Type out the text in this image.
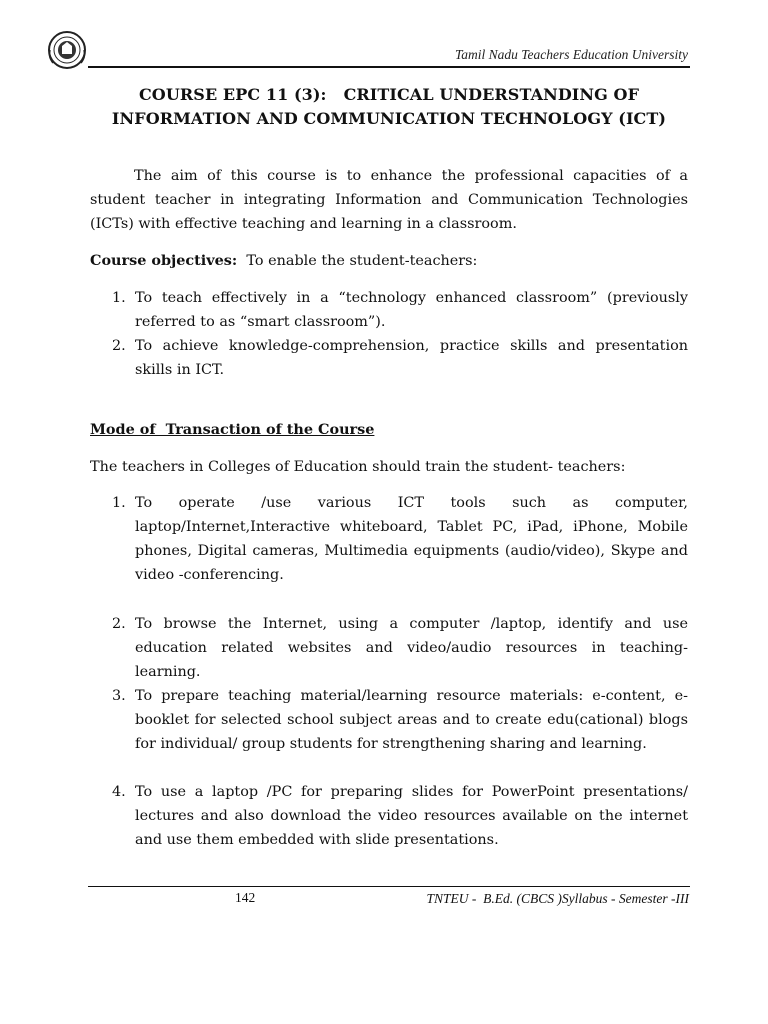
Tamil Nadu Teachers Education University
COURSE EPC 11 (3):   CRITICAL UNDERSTANDING OF
INFORMATION AND COMMUNICATION TECHNOLOGY (ICT)

The aim of this course is to enhance the professional capacities of a student teacher in integrating Information and Communication Technologies (ICTs) with effective teaching and learning in a classroom.

Course objectives: To enable the student-teachers:

1. To teach effectively in a “technology enhanced classroom” (previously referred to as “smart classroom”).
2. To achieve knowledge-comprehension, practice skills and presentation skills in ICT.
Mode of  Transaction of the Course

The teachers in Colleges of Education should train the student- teachers:

1. To operate /use various ICT tools such as computer, laptop/Internet,Interactive whiteboard, Tablet PC, iPad, iPhone, Mobile phones, Digital cameras, Multimedia equipments (audio/video), Skype and video -conferencing.
2. To browse the Internet, using a computer /laptop, identify and use education related websites and video/audio resources in teaching- learning.
3. To prepare teaching material/learning resource materials: e-content, e-booklet for selected school subject areas and to create edu(cational) blogs for individual/ group students for strengthening sharing and learning.
4. To use a laptop /PC for preparing slides for PowerPoint presentations/ lectures and also download the video resources available on the internet and use them embedded with slide presentations.
142	TNTEU -  B.Ed. (CBCS )Syllabus - Semester -III
